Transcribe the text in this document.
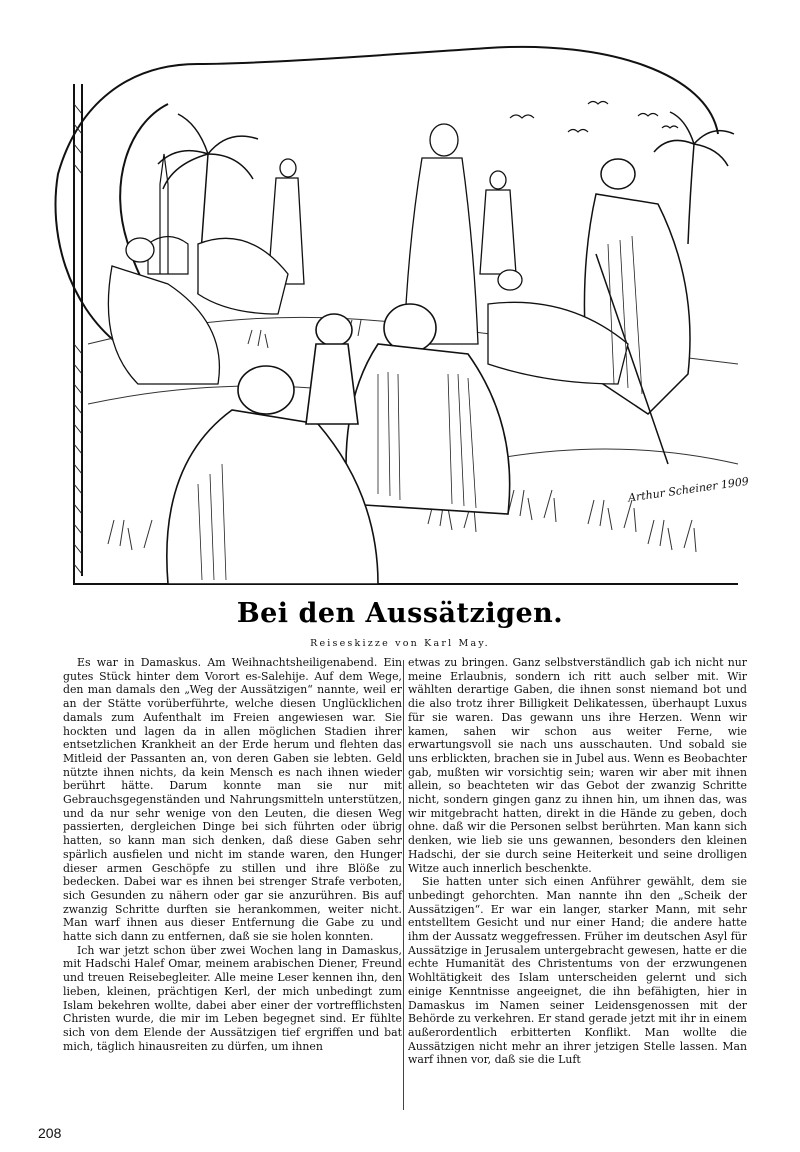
Arthur Scheiner 1909
Bei den Aussätzigen.
Reiseskizze von Karl May.

Es war in Damaskus. Am Weihnachtsheiligenabend. Ein gutes Stück hinter dem Vorort es-Salehije. Auf dem Wege, den man damals den „Weg der Aussätzigen“ nannte, weil er an der Stätte vorüberführte, welche diesen Unglücklichen damals zum Aufenthalt im Freien angewiesen war. Sie hockten und lagen da in allen möglichen Stadien ihrer entsetzlichen Krankheit an der Erde herum und flehten das Mitleid der Passanten an, von deren Gaben sie lebten. Geld nützte ihnen nichts, da kein Mensch es nach ihnen wieder berührt hätte. Darum konnte man sie nur mit Gebrauchsgegenständen und Nahrungsmitteln unterstützen, und da nur sehr wenige von den Leuten, die diesen Weg passierten, dergleichen Dinge bei sich führten oder übrig hatten, so kann man sich denken, daß diese Gaben sehr spärlich ausfielen und nicht im stande waren, den Hunger dieser armen Geschöpfe zu stillen und ihre Blöße zu bedecken. Dabei war es ihnen bei strenger Strafe verboten, sich Gesunden zu nähern oder gar sie anzurühren. Bis auf zwanzig Schritte durften sie herankommen, weiter nicht. Man warf ihnen aus dieser Entfernung die Gabe zu und hatte sich dann zu entfernen, daß sie sie holen konnten.

Ich war jetzt schon über zwei Wochen lang in Damaskus, mit Hadschi Halef Omar, meinem arabischen Diener, Freund und treuen Reisebegleiter. Alle meine Leser kennen ihn, den lieben, kleinen, prächtigen Kerl, der mich unbedingt zum Islam bekehren wollte, dabei aber einer der vortrefflichsten Christen wurde, die mir im Leben begegnet sind. Er fühlte sich von dem Elende der Aussätzigen tief ergriffen und bat mich, täglich hinausreiten zu dürfen, um ihnen

etwas zu bringen. Ganz selbstverständlich gab ich nicht nur meine Erlaubnis, sondern ich ritt auch selber mit. Wir wählten derartige Gaben, die ihnen sonst niemand bot und die also trotz ihrer Billigkeit Delikatessen, überhaupt Luxus für sie waren. Das gewann uns ihre Herzen. Wenn wir kamen, sahen wir schon aus weiter Ferne, wie erwartungsvoll sie nach uns ausschauten. Und sobald sie uns erblickten, brachen sie in Jubel aus. Wenn es Beobachter gab, mußten wir vorsichtig sein; waren wir aber mit ihnen allein, so beachteten wir das Gebot der zwanzig Schritte nicht, sondern gingen ganz zu ihnen hin, um ihnen das, was wir mitgebracht hatten, direkt in die Hände zu geben, doch ohne. daß wir die Personen selbst berührten. Man kann sich denken, wie lieb sie uns gewannen, besonders den kleinen Hadschi, der sie durch seine Heiterkeit und seine drolligen Witze auch innerlich beschenkte.

Sie hatten unter sich einen Anführer gewählt, dem sie unbedingt gehorchten. Man nannte ihn den „Scheik der Aussätzigen“. Er war ein langer, starker Mann, mit sehr entstelltem Gesicht und nur einer Hand; die andere hatte ihm der Aussatz weggefressen. Früher im deutschen Asyl für Aussätzige in Jerusalem untergebracht gewesen, hatte er die echte Humanität des Christentums von der erzwungenen Wohltätigkeit des Islam unterscheiden gelernt und sich einige Kenntnisse angeeignet, die ihn befähigten, hier in Damaskus im Namen seiner Leidensgenossen mit der Behörde zu verkehren. Er stand gerade jetzt mit ihr in einem außerordentlich erbitterten Konflikt. Man wollte die Aussätzigen nicht mehr an ihrer jetzigen Stelle lassen. Man warf ihnen vor, daß sie die Luft

208
